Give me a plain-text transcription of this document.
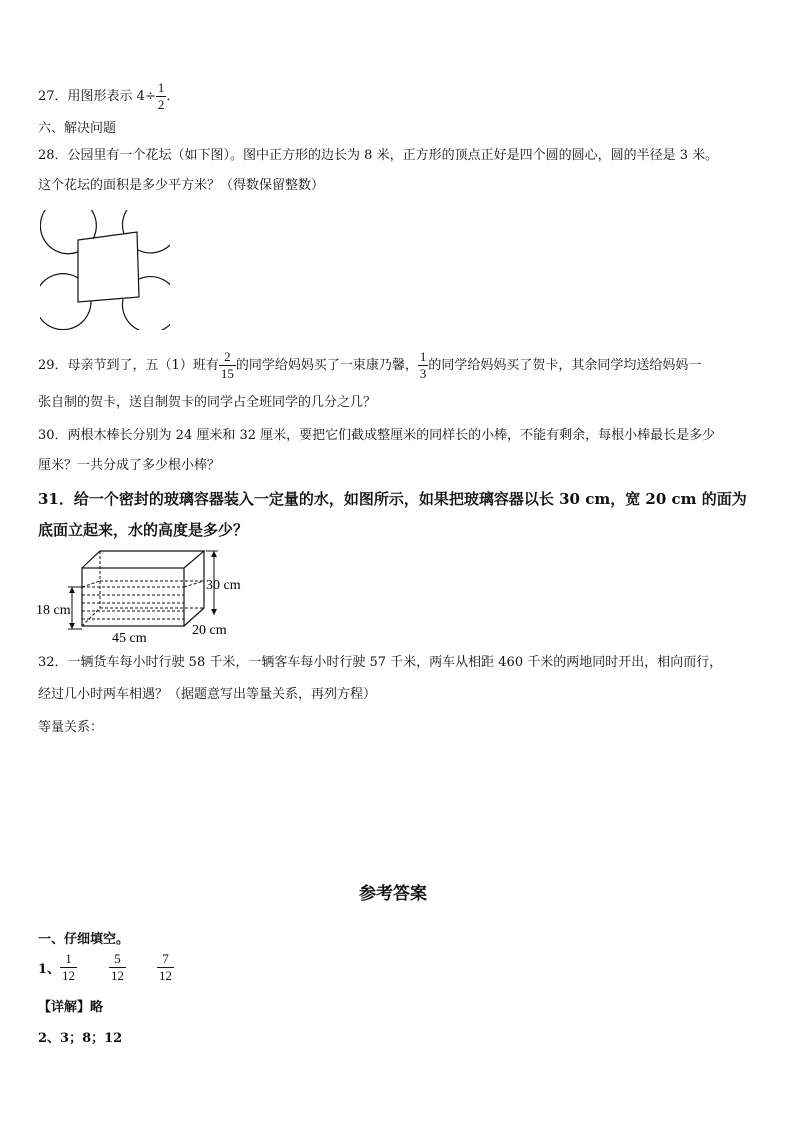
27．用图形表示 $4\div \frac{1}{2}$ ．
六、解决问题
28．公园里有一个花坛（如下图）。图中正方形的边长为 8 米，正方形的顶点正好是四个圆的圆心，圆的半径是 3 米。
这个花坛的面积是多少平方米？（得数保留整数）
29．母亲节到了，五（1）班有 $\frac{2}{15}$ 的同学给妈妈买了一束康乃馨， $\frac{1}{3}$ 的同学给妈妈买了贺卡，其余同学均送给妈妈一
张自制的贺卡，送自制贺卡的同学占全班同学的几分之几？
30．两根木棒长分别为 24 厘米和 32 厘米，要把它们截成整厘米的同样长的小棒，不能有剩余，每根小棒最长是多少
厘米？一共分成了多少根小棒？
31．给一个密封的玻璃容器装入一定量的水，如图所示，如果把玻璃容器以长 30 cm，宽 20 cm 的面为
底面立起来，水的高度是多少？
30 cm
18 cm
45 cm
20 cm
32．一辆货车每小时行驶 58 千米，一辆客车每小时行驶 57 千米，两车从相距 460 千米的两地同时开出，相向而行，
经过几小时两车相遇？（据题意写出等量关系，再列方程）
等量关系：
参考答案
一、仔细填空。
1、 $\frac{1}{12} \frac{5}{12} \frac{7}{12}$
【详解】略
2、3；8；12
